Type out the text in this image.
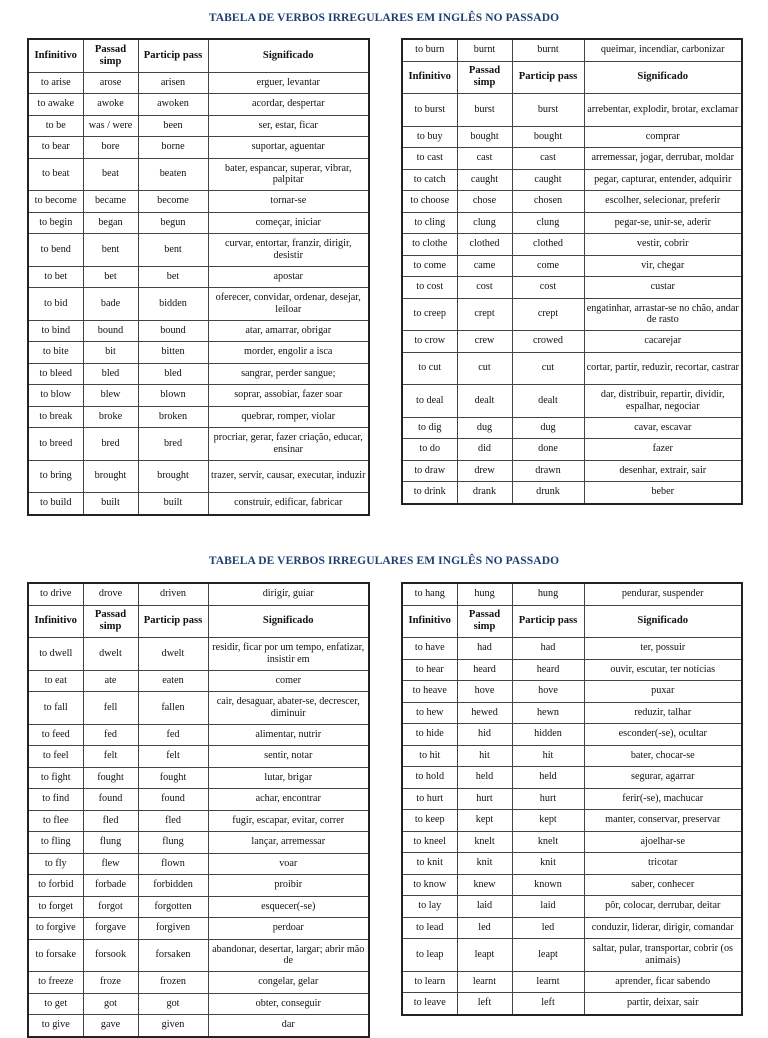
TABELA DE VERBOS IRREGULARES EM INGLÊS NO PASSADO
Infinitivo	Passad simp	Particip pass	Significado
to arise	arose	arisen	erguer, levantar
to awake	awoke	awoken	acordar, despertar
to be	was / were	been	ser, estar, ficar
to bear	bore	borne	suportar, aguentar
to beat	beat	beaten	bater, espancar, superar, vibrar, palpitar
to become	became	become	tornar-se
to begin	began	begun	começar, iniciar
to bend	bent	bent	curvar, entortar, franzir, dirigir, desistir
to bet	bet	bet	apostar
to bid	bade	bidden	oferecer, convidar, ordenar, desejar, leiloar
to bind	bound	bound	atar, amarrar, obrigar
to bite	bit	bitten	morder, engolir a isca
to bleed	bled	bled	sangrar, perder sangue;
to blow	blew	blown	soprar, assobiar, fazer soar
to break	broke	broken	quebrar, romper, violar
to breed	bred	bred	procriar, gerar, fazer criação, educar, ensinar
to bring	brought	brought	trazer, servir, causar, executar, induzir
to build	built	built	construir, edificar, fabricar
to burn	burnt	burnt	queimar, incendiar, carbonizar
Infinitivo	Passad simp	Particip pass	Significado
to burst	burst	burst	arrebentar, explodir, brotar, exclamar
to buy	bought	bought	comprar
to cast	cast	cast	arremessar, jogar, derrubar, moldar
to catch	caught	caught	pegar, capturar, entender, adquirir
to choose	chose	chosen	escolher, selecionar, preferir
to cling	clung	clung	pegar-se, unir-se, aderir
to clothe	clothed	clothed	vestir, cobrir
to come	came	come	vir, chegar
to cost	cost	cost	custar
to creep	crept	crept	engatinhar, arrastar-se no chão, andar de rasto
to crow	crew	crowed	cacarejar
to cut	cut	cut	cortar, partir, reduzir, recortar, castrar
to deal	dealt	dealt	dar, distribuir, repartir, dividir, espalhar, negociar
to dig	dug	dug	cavar, escavar
to do	did	done	fazer
to draw	drew	drawn	desenhar, extrair, sair
to drink	drank	drunk	beber
TABELA DE VERBOS IRREGULARES EM INGLÊS NO PASSADO
to drive	drove	driven	dirigir, guiar
Infinitivo	Passad simp	Particip pass	Significado
to dwell	dwelt	dwelt	residir, ficar por um tempo, enfatizar, insistir em
to eat	ate	eaten	comer
to fall	fell	fallen	cair, desaguar, abater-se, decrescer, diminuir
to feed	fed	fed	alimentar, nutrir
to feel	felt	felt	sentir, notar
to fight	fought	fought	lutar, brigar
to find	found	found	achar, encontrar
to flee	fled	fled	fugir, escapar, evitar, correr
to fling	flung	flung	lançar, arremessar
to fly	flew	flown	voar
to forbid	forbade	forbidden	proibir
to forget	forgot	forgotten	esquecer(-se)
to forgive	forgave	forgiven	perdoar
to forsake	forsook	forsaken	abandonar, desertar, largar; abrir mão de
to freeze	froze	frozen	congelar, gelar
to get	got	got	obter, conseguir
to give	gave	given	dar
to hang	hung	hung	pendurar, suspender
Infinitivo	Passad simp	Particip pass	Significado
to have	had	had	ter, possuir
to hear	heard	heard	ouvir, escutar, ter notícias
to heave	hove	hove	puxar
to hew	hewed	hewn	reduzir, talhar
to hide	hid	hidden	esconder(-se), ocultar
to hit	hit	hit	bater, chocar-se
to hold	held	held	segurar, agarrar
to hurt	hurt	hurt	ferir(-se), machucar
to keep	kept	kept	manter, conservar, preservar
to kneel	knelt	knelt	ajoelhar-se
to knit	knit	knit	tricotar
to know	knew	known	saber, conhecer
to lay	laid	laid	pôr, colocar, derrubar, deitar
to lead	led	led	conduzir, liderar, dirigir, comandar
to leap	leapt	leapt	saltar, pular, transportar, cobrir (os animais)
to learn	learnt	learnt	aprender, ficar sabendo
to leave	left	left	partir, deixar, sair
